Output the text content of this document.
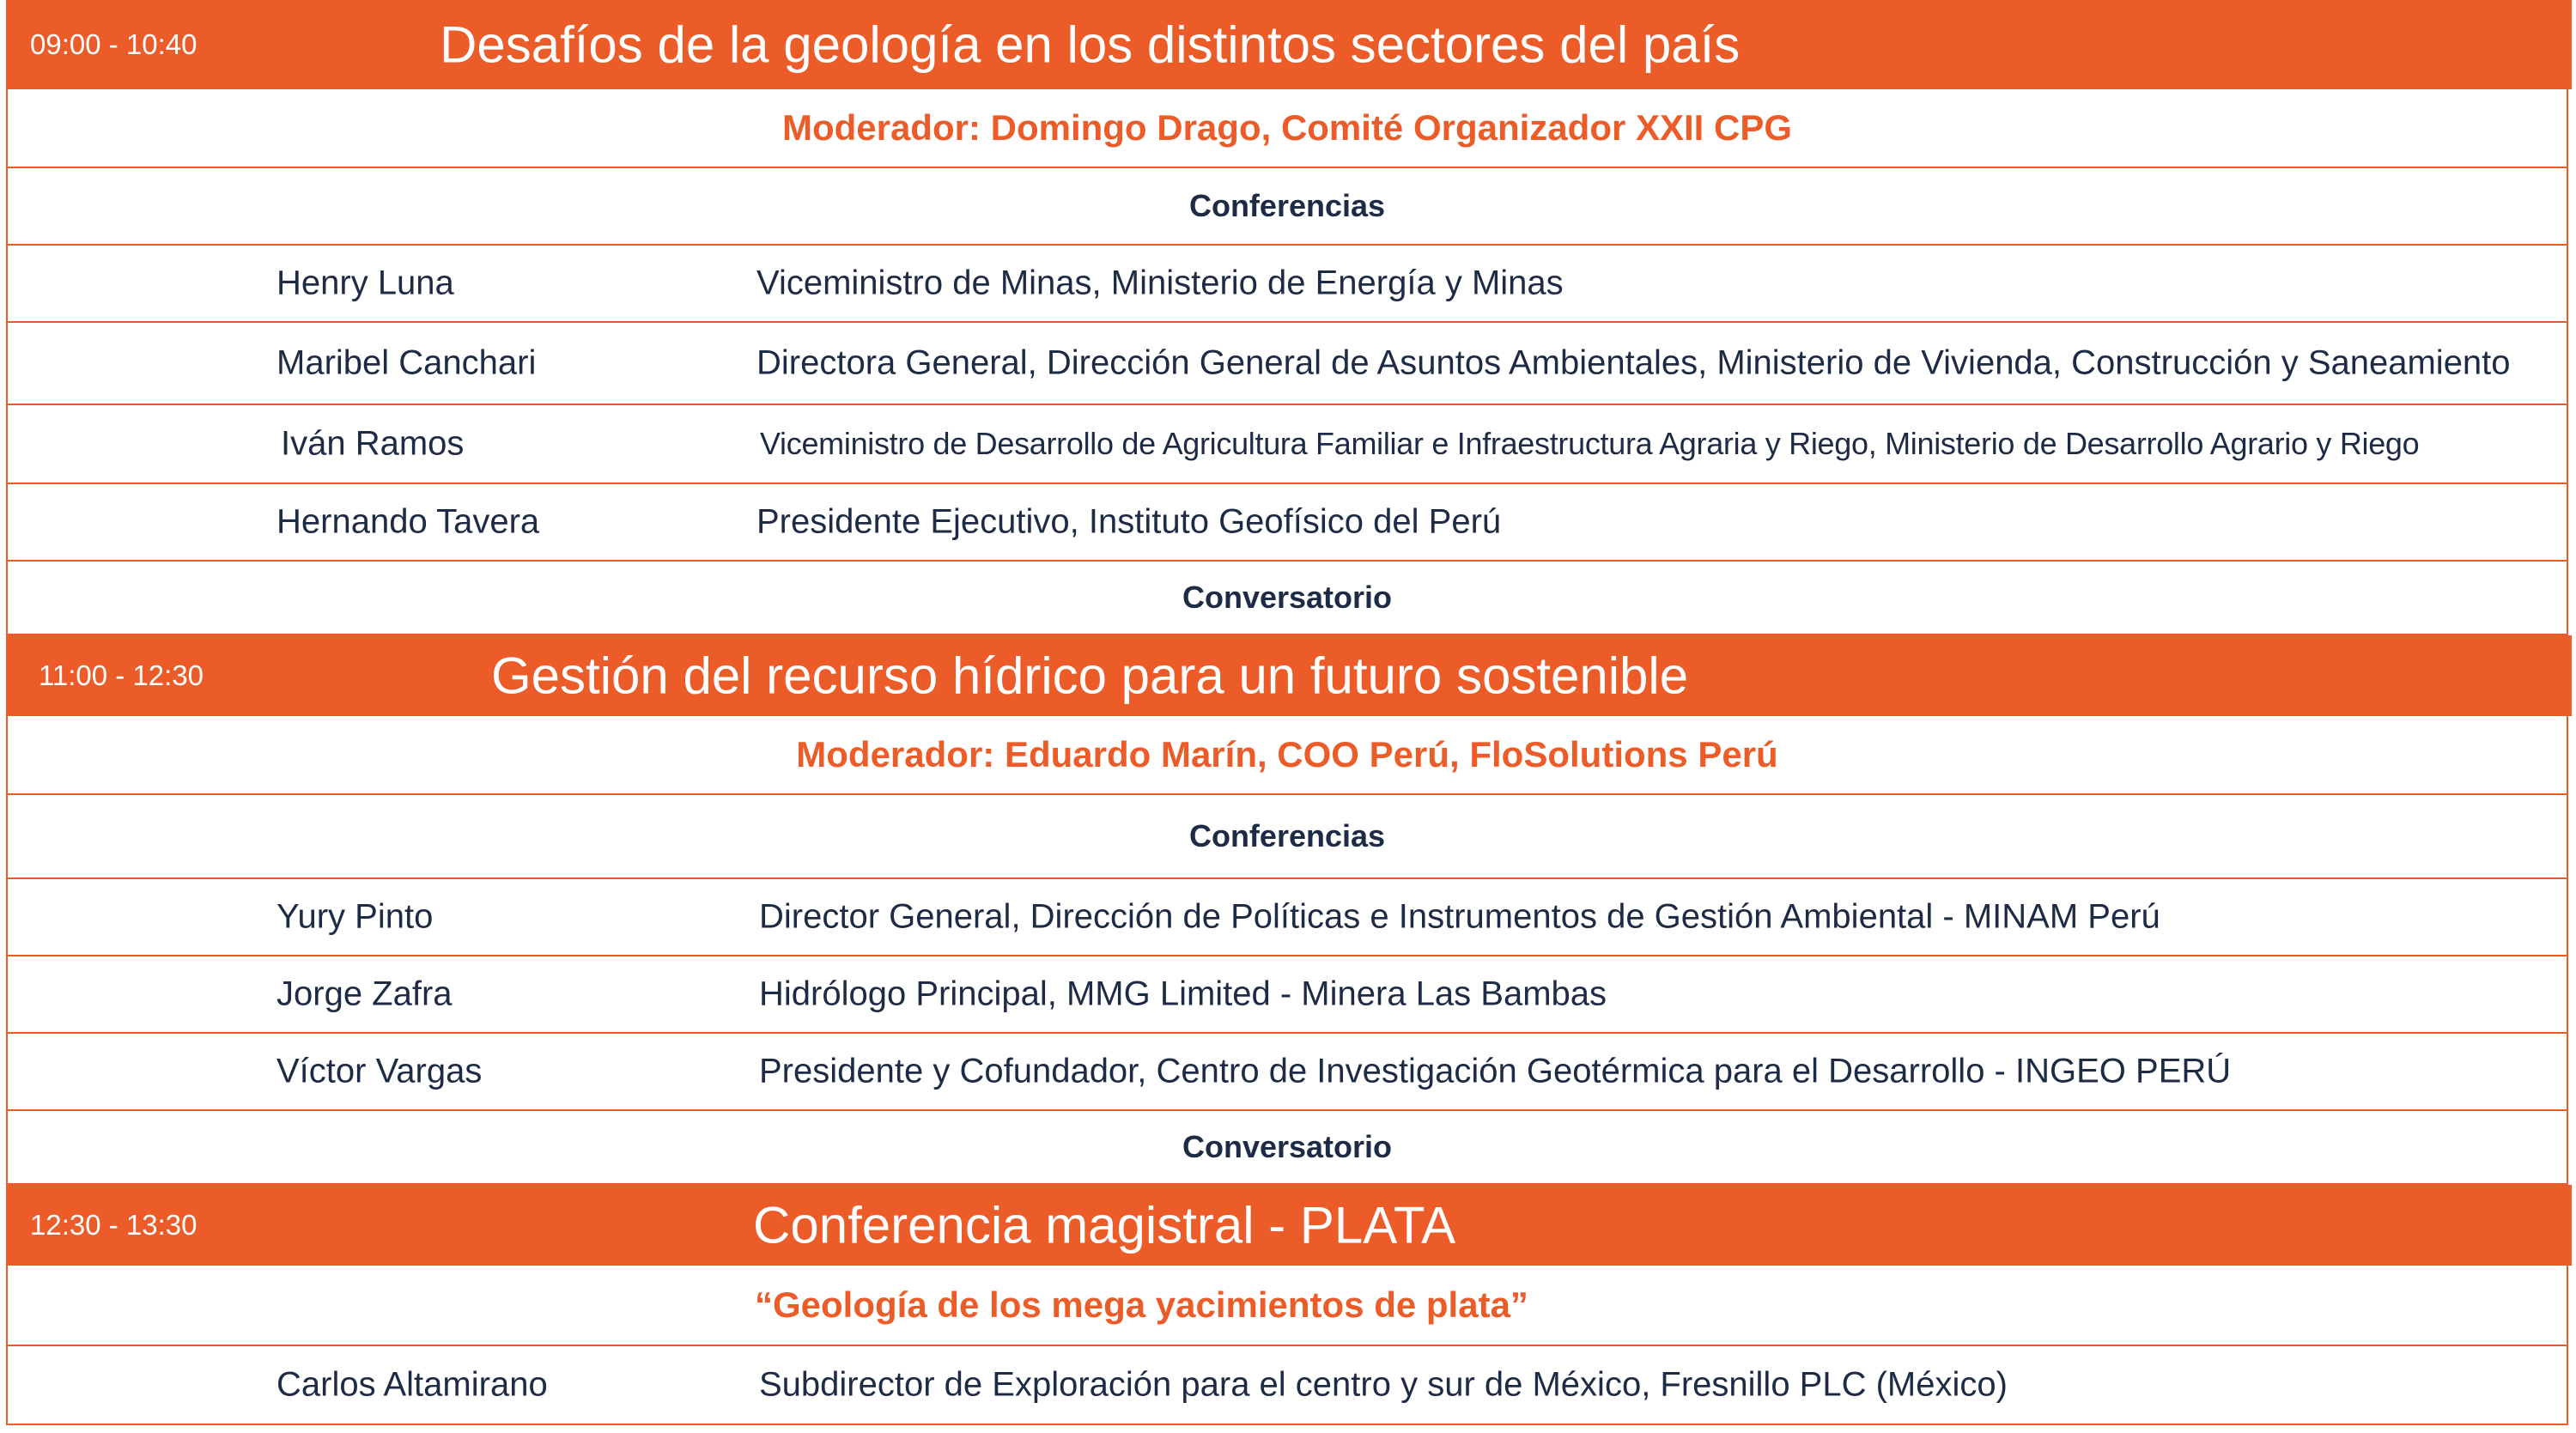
09:00 - 10:40	Desafíos de la geología en los distintos sectores del país
Moderador: Domingo Drago, Comité Organizador XXII CPG
Conferencias
Henry Luna	Viceministro de Minas, Ministerio de Energía y Minas
Maribel Canchari	Directora General, Dirección General de Asuntos Ambientales, Ministerio de Vivienda, Construcción y Saneamiento
Iván Ramos	Viceministro de Desarrollo de Agricultura Familiar e Infraestructura Agraria y Riego, Ministerio de Desarrollo Agrario y Riego
Hernando Tavera	Presidente Ejecutivo, Instituto Geofísico del Perú
Conversatorio
11:00 - 12:30	Gestión del recurso hídrico para un futuro sostenible
Moderador: Eduardo Marín, COO Perú, FloSolutions Perú
Conferencias
Yury Pinto	Director General, Dirección de Políticas e Instrumentos de Gestión Ambiental - MINAM Perú
Jorge Zafra	Hidrólogo Principal, MMG Limited - Minera Las Bambas
Víctor Vargas	Presidente y Cofundador, Centro de Investigación Geotérmica para el Desarrollo - INGEO PERÚ
Conversatorio
12:30 - 13:30	Conferencia magistral - PLATA
“Geología de los mega yacimientos de plata”
Carlos Altamirano	Subdirector de Exploración para el centro y sur de México, Fresnillo PLC (México)
